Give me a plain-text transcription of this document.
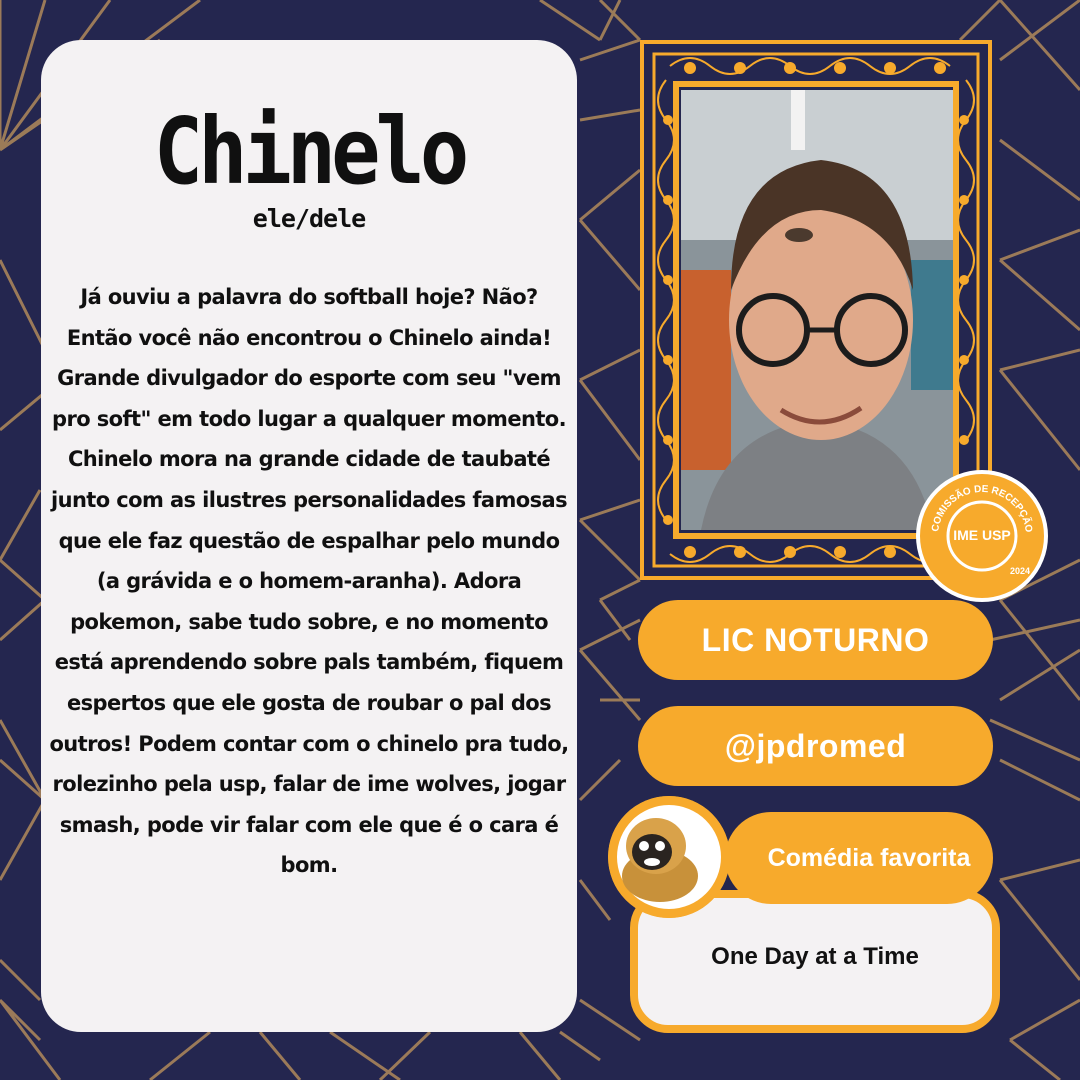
Chinelo
ele/dele
Já ouviu a palavra do softball hoje? Não? Então você não encontrou o Chinelo ainda! Grande divulgador do esporte com seu "vem pro soft" em todo lugar a qualquer momento. Chinelo mora na grande cidade de taubaté junto com as ilustres personalidades famosas que ele faz questão de espalhar pelo mundo (a grávida e o homem-aranha). Adora pokemon, sabe tudo sobre, e no momento está aprendendo sobre pals também, fiquem espertos que ele gosta de roubar o pal dos outros! Podem contar com o chinelo pra tudo, rolezinho pela usp, falar de ime wolves, jogar smash, pode vir falar com ele que é o cara é bom.
COMISSÃO DE RECEPÇÃO
IME USP
2024
LIC NOTURNO
@jpdromed
One Day at a Time
Comédia favorita
